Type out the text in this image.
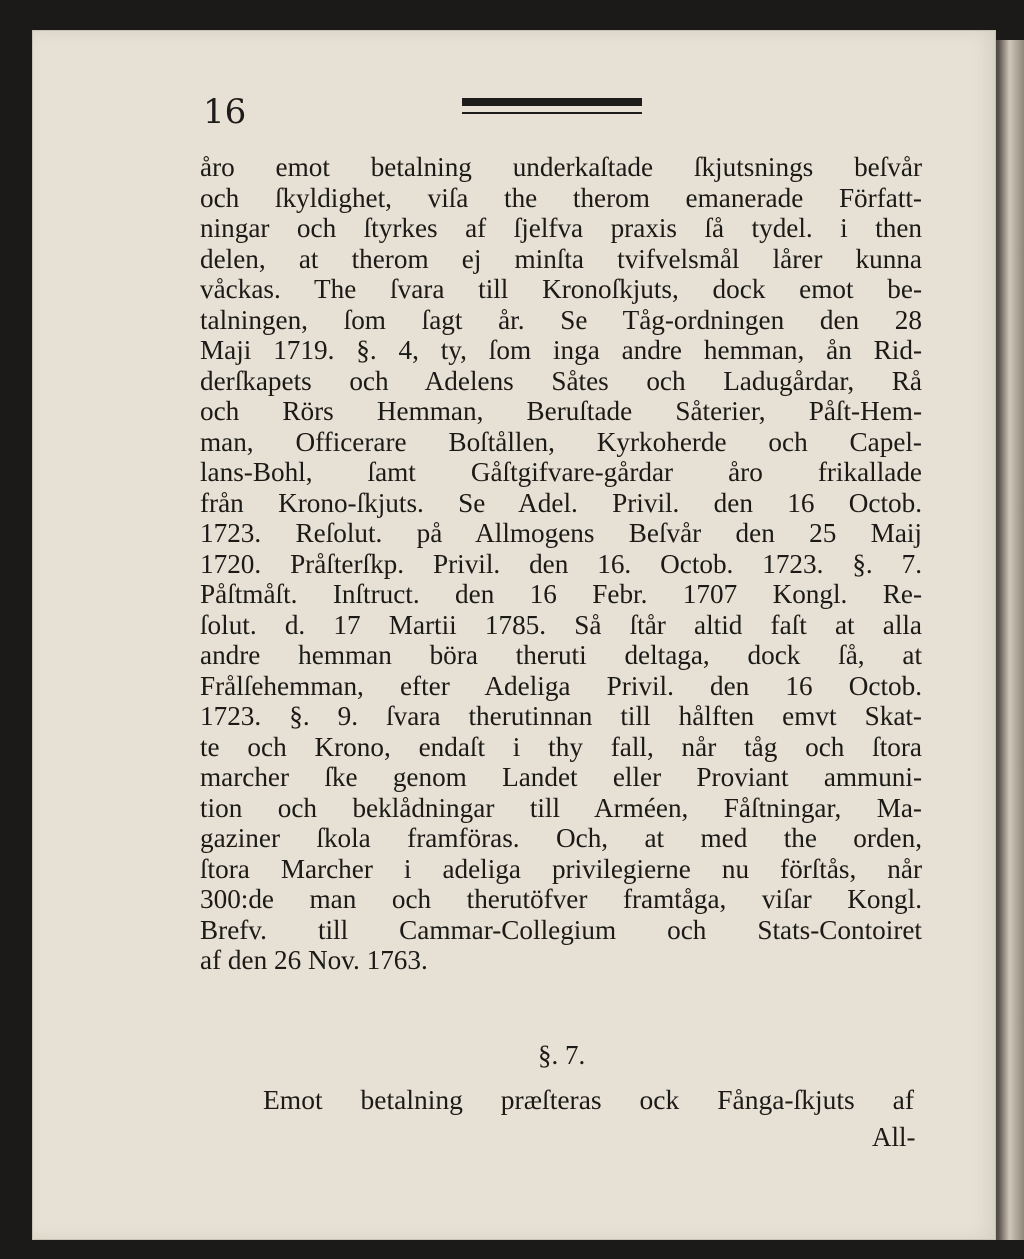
16
åro emot betalning underkaſtade ſkjutsnings beſvår
och ſkyldighet, viſa the therom emanerade Författ-
ningar och ſtyrkes af ſjelfva praxis ſå tydel. i then
delen, at therom ej minſta tvifvelsmål lårer kunna
våckas. The ſvara till Kronoſkjuts, dock emot be-
talningen, ſom ſagt år. Se Tåg-ordningen den 28
Maji 1719. §. 4, ty, ſom inga andre hemman, ån Rid-
derſkapets och Adelens Såtes och Ladugårdar, Rå
och Rörs Hemman, Beruſtade Såterier, Påſt-Hem-
man, Officerare Boſtållen, Kyrkoherde och Capel-
lans-Bohl, ſamt Gåſtgifvare-gårdar åro frikallade
från Krono-ſkjuts. Se Adel. Privil. den 16 Octob.
1723. Reſolut. på Allmogens Beſvår den 25 Maij
1720. Pråſterſkp. Privil. den 16. Octob. 1723. §. 7.
Påſtmåſt. Inſtruct. den 16 Febr. 1707 Kongl. Re-
ſolut. d. 17 Martii 1785. Så ſtår altid faſt at alla
andre hemman böra theruti deltaga, dock ſå, at
Frålſehemman, efter Adeliga Privil. den 16 Octob.
1723. §. 9. ſvara therutinnan till hålften emvt Skat-
te och Krono, endaſt i thy fall, når tåg och ſtora
marcher ſke genom Landet eller Proviant ammuni-
tion och beklådningar till Arméen, Fåſtningar, Ma-
gaziner ſkola framföras. Och, at med the orden,
ſtora Marcher i adeliga privilegierne nu förſtås, når
300:de man och therutöfver framtåga, viſar Kongl.
Brefv. till Cammar-Collegium och Stats-Contoiret
af den 26 Nov. 1763.
§. 7.
Emot betalning præſteras ock Fånga-ſkjuts af
All-
